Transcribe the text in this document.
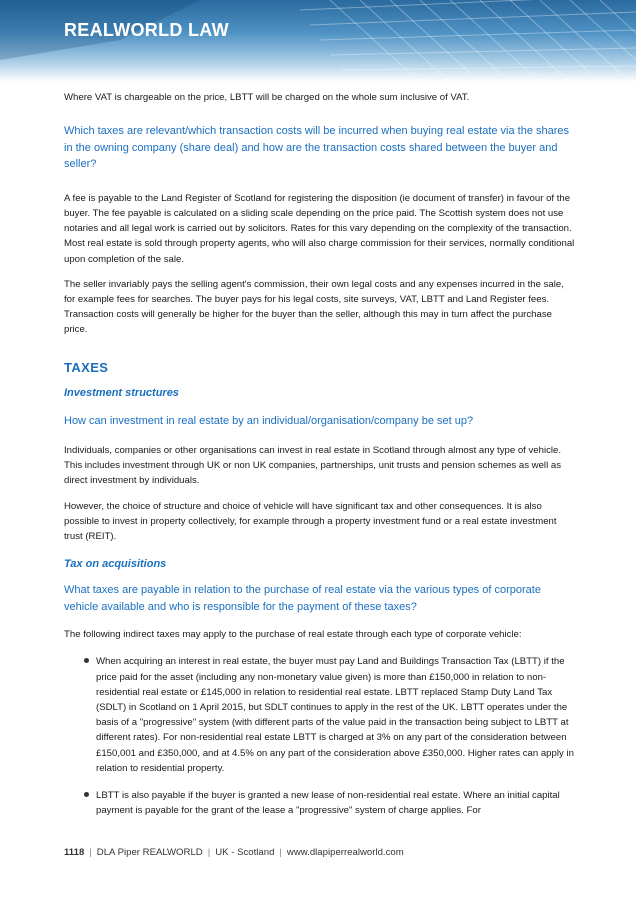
REALWORLD LAW

Where VAT is chargeable on the price, LBTT will be charged on the whole sum inclusive of VAT.

Which taxes are relevant/which transaction costs will be incurred when buying real estate via the shares in the owning company (share deal) and how are the transaction costs shared between the buyer and seller?

A fee is payable to the Land Register of Scotland for registering the disposition (ie document of transfer) in favour of the buyer. The fee payable is calculated on a sliding scale depending on the price paid. The Scottish system does not use notaries and all legal work is carried out by solicitors. Rates for this vary depending on the complexity of the transaction. Most real estate is sold through property agents, who will also charge commission for their services, normally conditional upon completion of the sale.

The seller invariably pays the selling agent's commission, their own legal costs and any expenses incurred in the sale, for example fees for searches. The buyer pays for his legal costs, site surveys, VAT, LBTT and Land Register fees. Transaction costs will generally be higher for the buyer than the seller, although this may in turn affect the purchase price.

TAXES
Investment structures

How can investment in real estate by an individual/organisation/company be set up?

Individuals, companies or other organisations can invest in real estate in Scotland through almost any type of vehicle. This includes investment through UK or non UK companies, partnerships, unit trusts and pension schemes as well as direct investment by individuals.

However, the choice of structure and choice of vehicle will have significant tax and other consequences. It is also possible to invest in property collectively, for example through a property investment fund or a real estate investment trust (REIT).

Tax on acquisitions

What taxes are payable in relation to the purchase of real estate via the various types of corporate vehicle available and who is responsible for the payment of these taxes?

The following indirect taxes may apply to the purchase of real estate through each type of corporate vehicle:

When acquiring an interest in real estate, the buyer must pay Land and Buildings Transaction Tax (LBTT) if the price paid for the asset (including any non-monetary value given) is more than £150,000 in relation to non-residential real estate or £145,000 in relation to residential real estate. LBTT replaced Stamp Duty Land Tax (SDLT) in Scotland on 1 April 2015, but SDLT continues to apply in the rest of the UK. LBTT operates under the basis of a "progressive" system (with different parts of the value paid in the transaction being subject to LBTT at different rates). For non-residential real estate LBTT is charged at 3% on any part of the consideration between £150,001 and £350,000, and at 4.5% on any part of the consideration above £350,000. Higher rates can apply in relation to residential property.
LBTT is also payable if the buyer is granted a new lease of non-residential real estate. Where an initial capital payment is payable for the grant of the lease a "progressive" system of charge applies. For
1118 | DLA Piper REALWORLD | UK - Scotland | www.dlapiperrealworld.com
